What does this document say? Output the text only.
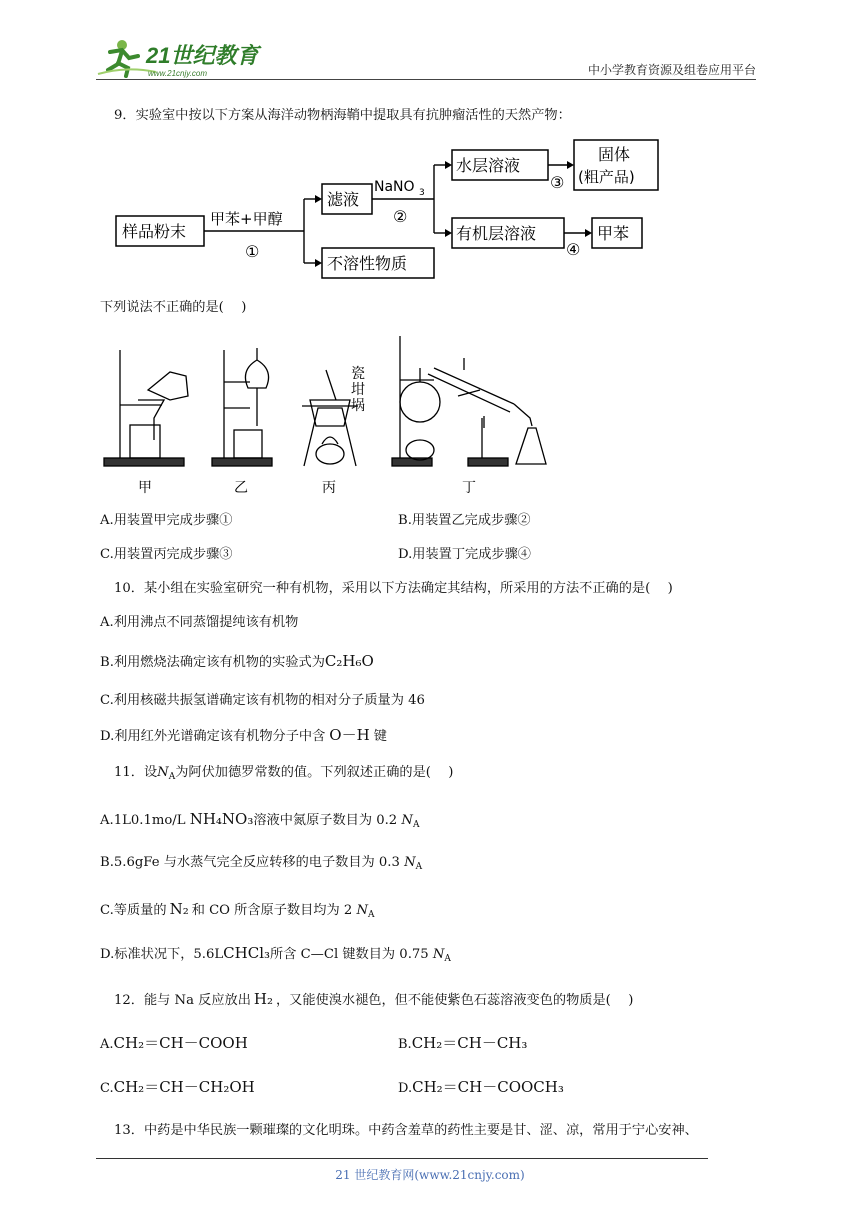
21世纪教育
www.21cnjy.com	中小学教育资源及组卷应用平台
9．实验室中按以下方案从海洋动物柄海鞘中提取具有抗肿瘤活性的天然产物：
样品粉末
甲苯+甲醇
①
滤液
不溶性物质
NaNO 3
②
水层溶液
③
固体
(粗产品)
有机层溶液
④
甲苯
下列说法不正确的是(　 )
瓷
坩
埚
甲	乙	丙	丁
A.用装置甲完成步骤①	B.用装置乙完成步骤②
C.用装置丙完成步骤③	D.用装置丁完成步骤④
10．某小组在实验室研究一种有机物，采用以下方法确定其结构，所采用的方法不正确的是(　 )
A.利用沸点不同蒸馏提纯该有机物
B.利用燃烧法确定该有机物的实验式为C₂H₆O
C.利用核磁共振氢谱确定该有机物的相对分子质量为 46
D.利用红外光谱确定该有机物分子中含 O－H 键
11．设$N_A$为阿伏加德罗常数的值。下列叙述正确的是(　 )
A.1L0.1mo/L NH₄NO₃溶液中氮原子数目为 0.2 $N_A$
B.5.6gFe 与水蒸气完全反应转移的电子数目为 0.3 $N_A$
C.等质量的 N₂ 和 CO 所含原子数目均为 2 $N_A$
D.标准状况下，5.6LCHCl₃所含 C—Cl 键数目为 0.75 $N_A$
12．能与 Na 反应放出 H₂ ，又能使溴水褪色，但不能使紫色石蕊溶液变色的物质是(　 )
A.CH₂＝CH－COOH	B.CH₂＝CH－CH₃
C.CH₂＝CH－CH₂OH	D.CH₂＝CH－COOCH₃
13．中药是中华民族一颗璀璨的文化明珠。中药含羞草的药性主要是甘、涩、凉，常用于宁心安神、
21 世纪教育网(www.21cnjy.com)
